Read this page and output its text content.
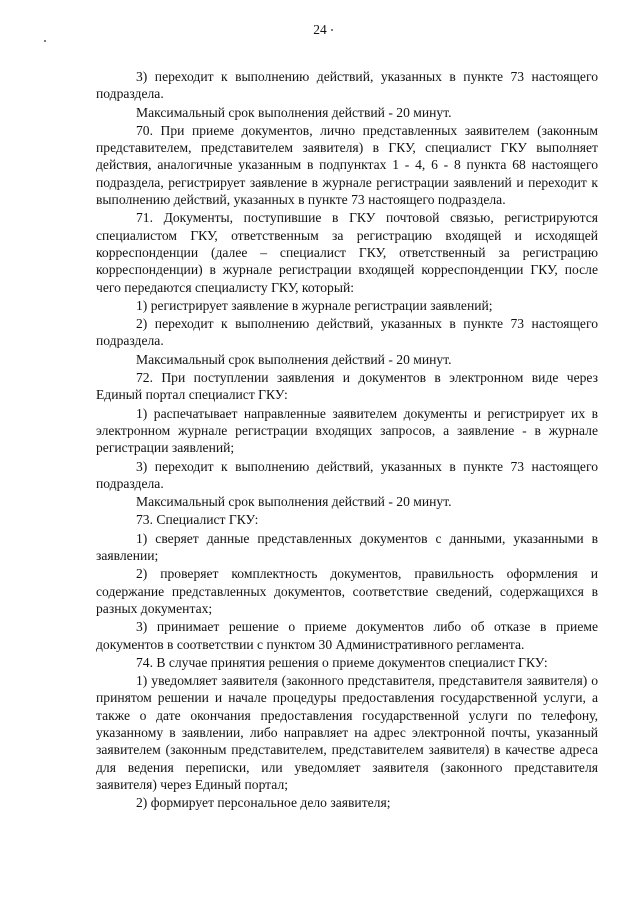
24

3) переходит к выполнению действий, указанных в пункте 73 настоящего подраздела.

Максимальный срок выполнения действий - 20 минут.

70. При приеме документов, лично представленных заявителем (законным представителем, представителем заявителя) в ГКУ, специалист ГКУ выполняет действия, аналогичные указанным в подпунктах 1 - 4, 6 - 8 пункта 68 настоящего подраздела, регистрирует заявление в журнале регистрации заявлений и переходит к выполнению действий, указанных в пункте 73 настоящего подраздела.

71. Документы, поступившие в ГКУ почтовой связью, регистрируются специалистом ГКУ, ответственным за регистрацию входящей и исходящей корреспонденции (далее – специалист ГКУ, ответственный за регистрацию корреспонденции) в журнале регистрации входящей корреспонденции ГКУ, после чего передаются специалисту ГКУ, который:

1) регистрирует заявление в журнале регистрации заявлений;

2) переходит к выполнению действий, указанных в пункте 73 настоящего подраздела.

Максимальный срок выполнения действий - 20 минут.

72. При поступлении заявления и документов в электронном виде через Единый портал специалист ГКУ:

1) распечатывает направленные заявителем документы и регистрирует их в электронном журнале регистрации входящих запросов, а заявление - в журнале регистрации заявлений;

3) переходит к выполнению действий, указанных в пункте 73 настоящего подраздела.

Максимальный срок выполнения действий - 20 минут.

73. Специалист ГКУ:

1) сверяет данные представленных документов с данными, указанными в заявлении;

2) проверяет комплектность документов, правильность оформления и содержание представленных документов, соответствие сведений, содержащихся в разных документах;

3) принимает решение о приеме документов либо об отказе в приеме документов в соответствии с пунктом 30 Административного регламента.

74. В случае принятия решения о приеме документов специалист ГКУ:

1) уведомляет заявителя (законного представителя, представителя заявителя) о принятом решении и начале процедуры предоставления государственной услуги, а также о дате окончания предоставления государственной услуги по телефону, указанному в заявлении, либо направляет на адрес электронной почты, указанный заявителем (законным представителем, представителем заявителя) в качестве адреса для ведения переписки, или уведомляет заявителя (законного представителя заявителя) через Единый портал;

2) формирует персональное дело заявителя;
